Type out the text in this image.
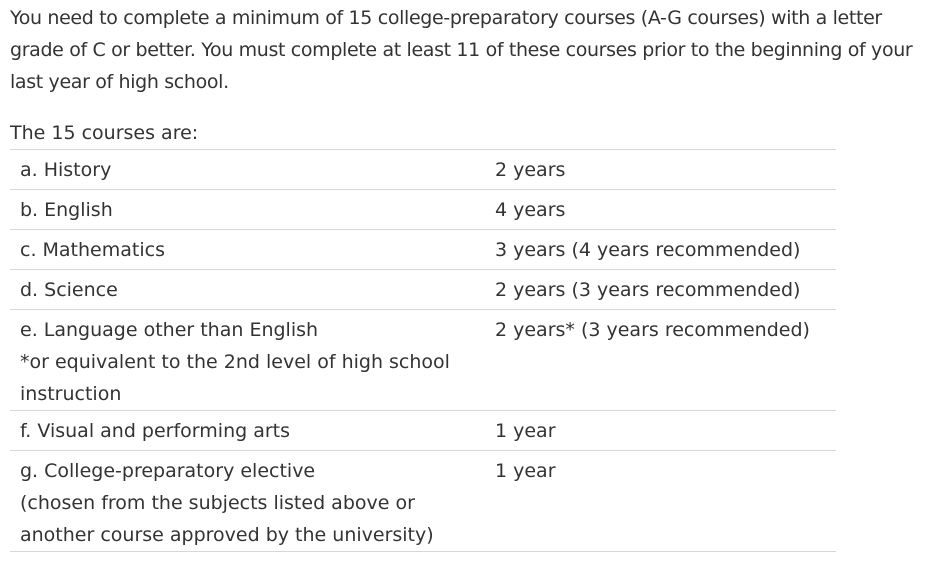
You need to complete a minimum of 15 college-preparatory courses (A-G courses) with a letter grade of C or better. You must complete at least 11 of these courses prior to the beginning of your last year of high school.

The 15 courses are:

a. History	2 years
b. English	4 years
c. Mathematics	3 years (4 years recommended)
d. Science	2 years (3 years recommended)
e. Language other than English
*or equivalent to the 2nd level of high school instruction	2 years* (3 years recommended)
f. Visual and performing arts	1 year
g. College-preparatory elective
(chosen from the subjects listed above or another course approved by the university)	1 year
